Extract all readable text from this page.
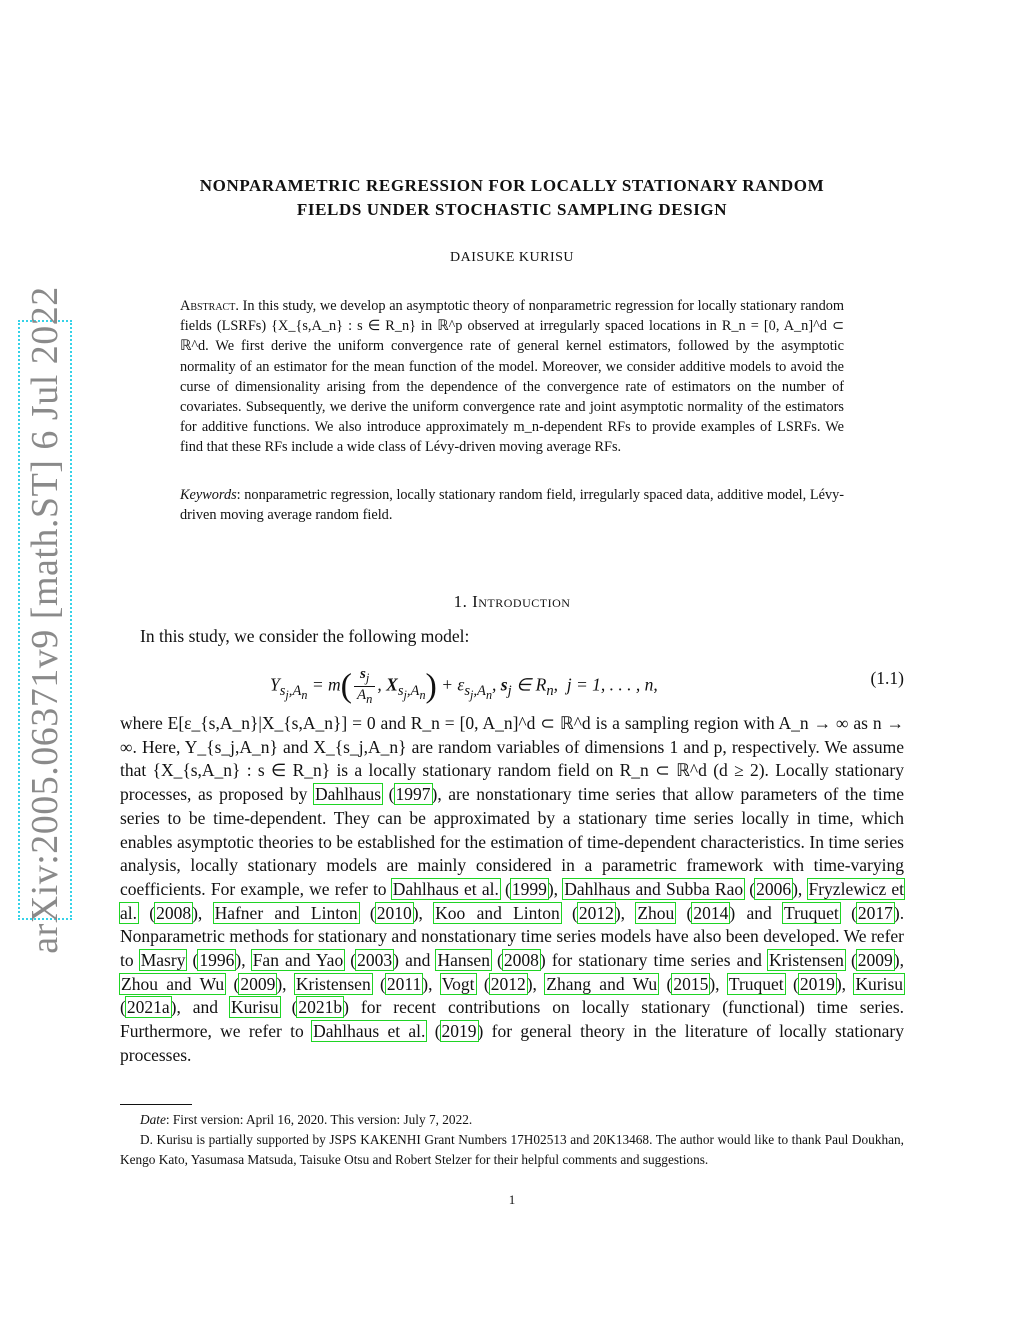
arXiv:2005.06371v9 [math.ST] 6 Jul 2022
NONPARAMETRIC REGRESSION FOR LOCALLY STATIONARY RANDOM
FIELDS UNDER STOCHASTIC SAMPLING DESIGN
DAISUKE KURISU
Abstract. In this study, we develop an asymptotic theory of nonparametric regression for locally stationary random fields (LSRFs) {X_{s,A_n} : s ∈ R_n} in ℝ^p observed at irregularly spaced locations in R_n = [0, A_n]^d ⊂ ℝ^d. We first derive the uniform convergence rate of general kernel estimators, followed by the asymptotic normality of an estimator for the mean function of the model. Moreover, we consider additive models to avoid the curse of dimensionality arising from the dependence of the convergence rate of estimators on the number of covariates. Subsequently, we derive the uniform convergence rate and joint asymptotic normality of the estimators for additive functions. We also introduce approximately m_n-dependent RFs to provide examples of LSRFs. We find that these RFs include a wide class of Lévy-driven moving average RFs.
Keywords: nonparametric regression, locally stationary random field, irregularly spaced data, additive model, Lévy-driven moving average random field.
1. Introduction
In this study, we consider the following model:
$Y_{s_j,A_n} = m( \frac{s_j}{A_n}$ , $X_{s_j,A_n}) + \varepsilon_{s_j,A_n}$, $s_j$ ∈ $R_n$,  j = 1, . . . , n,	(1.1)
where E[ε_{s,A_n}|X_{s,A_n}] = 0 and R_n = [0, A_n]^d ⊂ ℝ^d is a sampling region with A_n → ∞ as n → ∞. Here, Y_{s_j,A_n} and X_{s_j,A_n} are random variables of dimensions 1 and p, respectively. We assume that {X_{s,A_n} : s ∈ R_n} is a locally stationary random field on R_n ⊂ ℝ^d (d ≥ 2). Locally stationary processes, as proposed by Dahlhaus (1997), are nonstationary time series that allow parameters of the time series to be time-dependent. They can be approximated by a stationary time series locally in time, which enables asymptotic theories to be established for the estimation of time-dependent characteristics. In time series analysis, locally stationary models are mainly considered in a parametric framework with time-varying coefficients. For example, we refer to Dahlhaus et al. (1999), Dahlhaus and Subba Rao (2006), Fryzlewicz et al. (2008), Hafner and Linton (2010), Koo and Linton (2012), Zhou (2014) and Truquet (2017). Nonparametric methods for stationary and nonstationary time series models have also been developed. We refer to Masry (1996), Fan and Yao (2003) and Hansen (2008) for stationary time series and Kristensen (2009), Zhou and Wu (2009), Kristensen (2011), Vogt (2012), Zhang and Wu (2015), Truquet (2019), Kurisu (2021a), and Kurisu (2021b) for recent contributions on locally stationary (functional) time series. Furthermore, we refer to Dahlhaus et al. (2019) for general theory in the literature of locally stationary processes.
Date: First version: April 16, 2020. This version: July 7, 2022.
D. Kurisu is partially supported by JSPS KAKENHI Grant Numbers 17H02513 and 20K13468. The author would like to thank Paul Doukhan, Kengo Kato, Yasumasa Matsuda, Taisuke Otsu and Robert Stelzer for their helpful comments and suggestions.
1
